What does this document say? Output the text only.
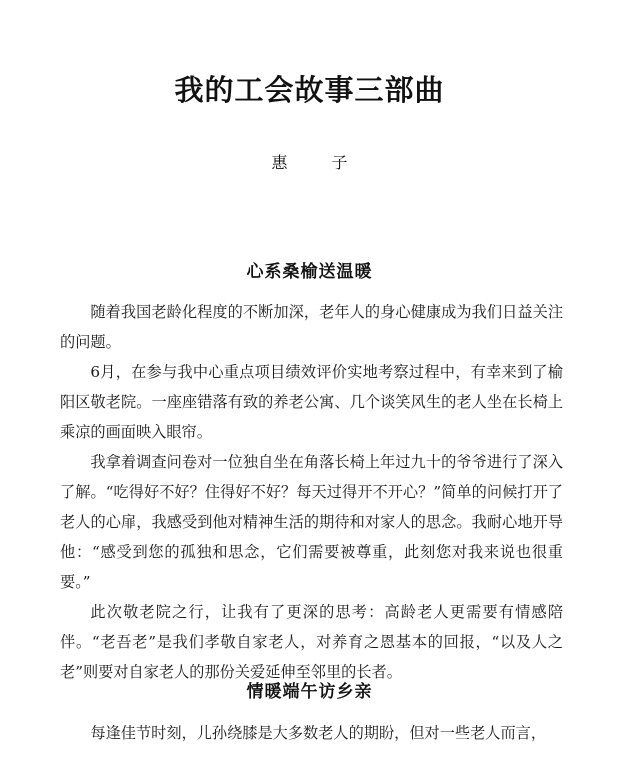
我的工会故事三部曲
惠　子
心系桑榆送温暖

随着我国老龄化程度的不断加深，老年人的身心健康成为我们日益关注的问题。

6月，在参与我中心重点项目绩效评价实地考察过程中，有幸来到了榆阳区敬老院。一座座错落有致的养老公寓、几个谈笑风生的老人坐在长椅上乘凉的画面映入眼帘。

我拿着调查问卷对一位独自坐在角落长椅上年过九十的爷爷进行了深入了解。“吃得好不好？住得好不好？每天过得开不开心？”简单的问候打开了老人的心扉，我感受到他对精神生活的期待和对家人的思念。我耐心地开导他：“感受到您的孤独和思念，它们需要被尊重，此刻您对我来说也很重要。”

此次敬老院之行，让我有了更深的思考：高龄老人更需要有情感陪伴。“老吾老”是我们孝敬自家老人，对养育之恩基本的回报，“以及人之老”则要对自家老人的那份关爱延伸至邻里的长者。

情暖端午访乡亲

每逢佳节时刻，儿孙绕膝是大多数老人的期盼，但对一些老人而言，
